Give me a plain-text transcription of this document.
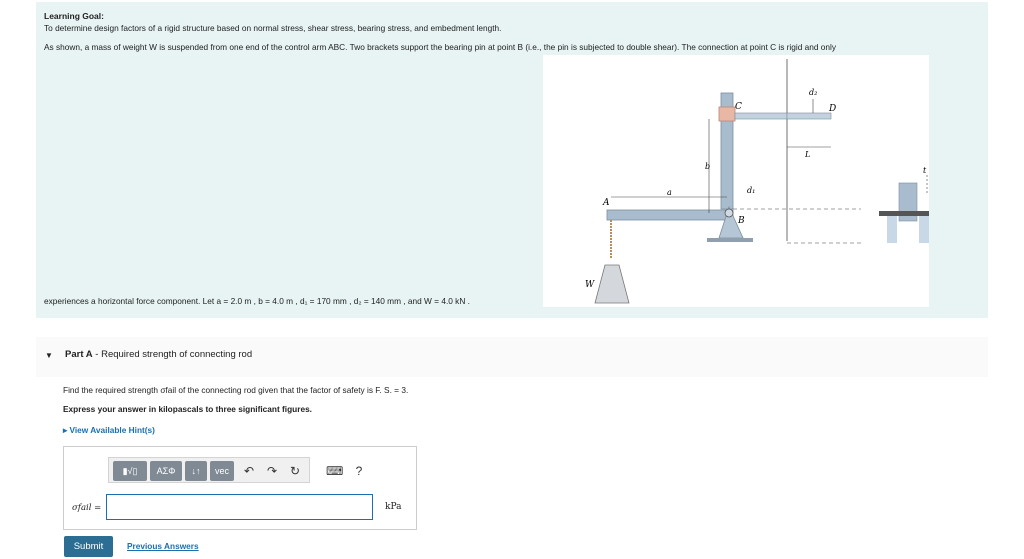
Learning Goal:
To determine design factors of a rigid structure based on normal stress, shear stress, bearing stress, and embedment length.
As shown, a mass of weight W is suspended from one end of the control arm ABC. Two brackets support the bearing pin at point B (i.e., the pin is subjected to double shear). The connection at point C is rigid and only
experiences a horizontal force component. Let a = 2.0 m , b = 4.0 m , d₁ = 170 mm , d₂ = 140 mm , and W = 4.0 kN .
A
B
C	D
W
a
b
d₁
d₂
L
t
▼ Part A - Required strength of connecting rod
Find the required strength σfail of the connecting rod given that the factor of safety is F. S. = 3.
Express your answer in kilopascals to three significant figures.
▸ View Available Hint(s)
▮√▯	ΑΣΦ	↓↑	vec	↶ ↷ ↻ ⌨	?
σfail =	kPa
Submit	Previous Answers
